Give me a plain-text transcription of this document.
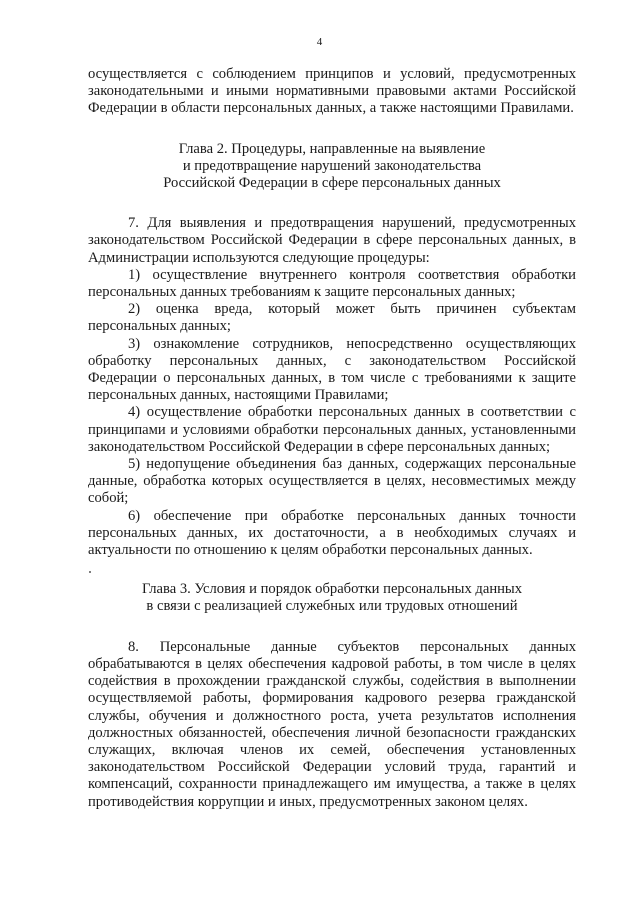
4

осуществляется с соблюдением принципов и условий, предусмотренных законодательными и иными нормативными правовыми актами Российской Федерации в области персональных данных, а также настоящими Правилами.

Глава 2. Процедуры, направленные на выявление

и предотвращение нарушений законодательства

Российской Федерации в сфере персональных данных

7. Для выявления и предотвращения нарушений, предусмотренных законодательством Российской Федерации в сфере персональных данных, в Администрации используются следующие процедуры:

1) осуществление внутреннего контроля соответствия обработки персональных данных требованиям к защите персональных данных;

2) оценка вреда, который может быть причинен субъектам персональных данных;

3) ознакомление сотрудников, непосредственно осуществляющих обработку персональных данных, с законодательством Российской Федерации о персональных данных, в том числе с требованиями к защите персональных данных, настоящими Правилами;

4) осуществление обработки персональных данных в соответствии с принципами и условиями обработки персональных данных, установленными законодательством Российской Федерации в сфере персональных данных;

5) недопущение объединения баз данных, содержащих персональные данные, обработка которых осуществляется в целях, несовместимых между собой;

6) обеспечение при обработке персональных данных точности персональных данных, их достаточности, а в необходимых случаях и актуальности по отношению к целям обработки персональных данных.

Глава 3. Условия и порядок обработки персональных данных

в связи с реализацией служебных или трудовых отношений

8. Персональные данные субъектов персональных данных обрабатываются в целях обеспечения кадровой работы, в том числе в целях содействия в прохождении гражданской службы, содействия в выполнении осуществляемой работы, формирования кадрового резерва гражданской службы, обучения и должностного роста, учета результатов исполнения должностных обязанностей, обеспечения личной безопасности гражданских служащих, включая членов их семей, обеспечения установленных законодательством Российской Федерации условий труда, гарантий и компенсаций, сохранности принадлежащего им имущества, а также в целях противодействия коррупции и иных, предусмотренных законом целях.
